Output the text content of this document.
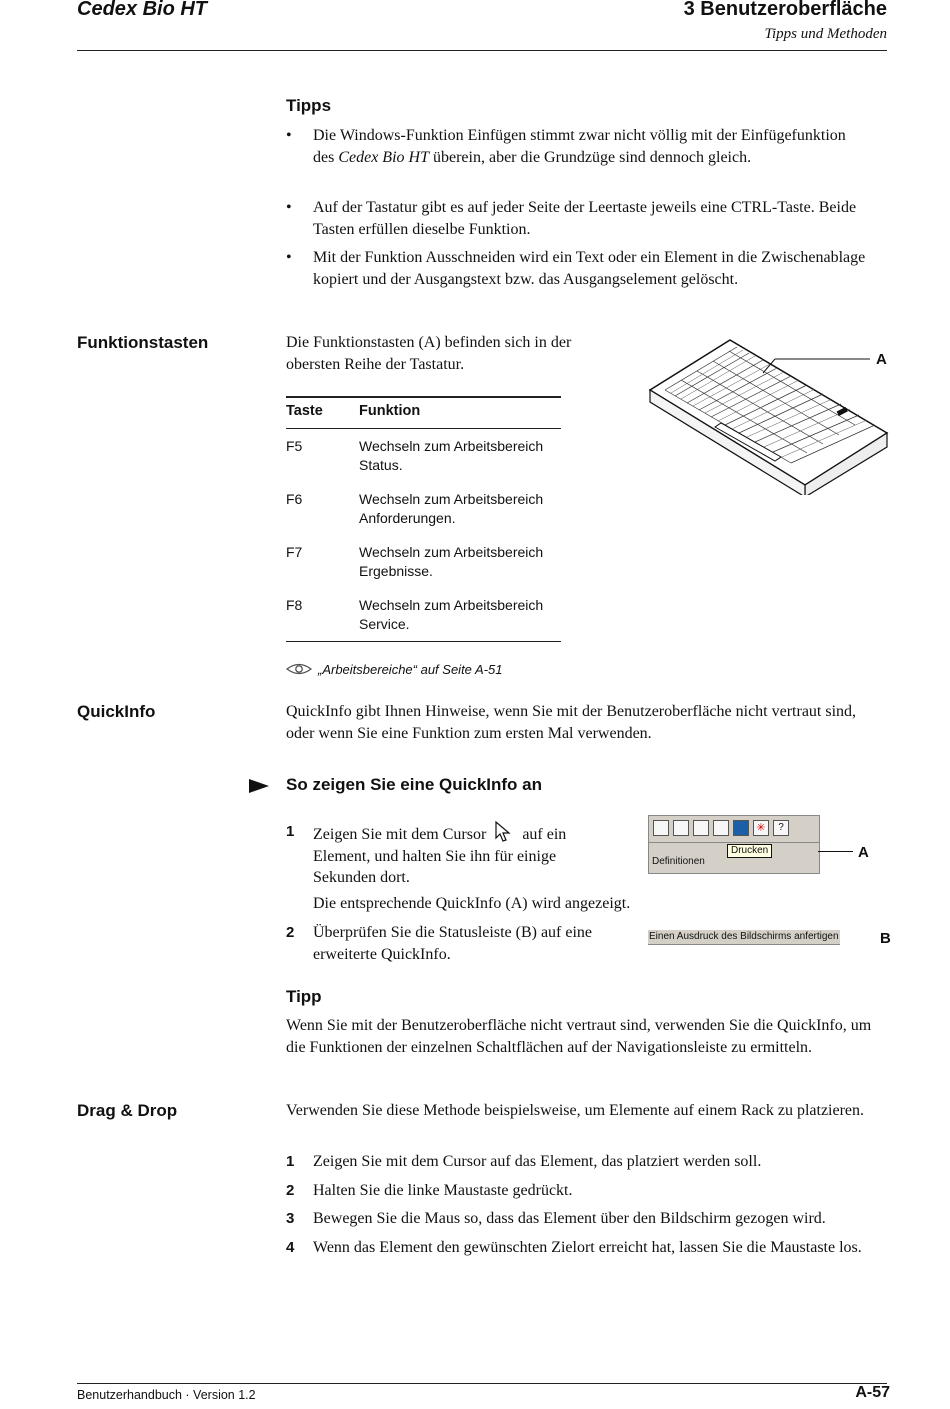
Cedex Bio HT	3 Benutzeroberfläche
Tipps und Methoden
Tipps
• Die Windows-Funktion Einfügen stimmt zwar nicht völlig mit der Einfügefunktion des Cedex Bio HT überein, aber die Grundzüge sind dennoch gleich.
• Auf der Tastatur gibt es auf jeder Seite der Leertaste jeweils eine CTRL-Taste. Beide Tasten erfüllen dieselbe Funktion.
• Mit der Funktion Ausschneiden wird ein Text oder ein Element in die Zwischenablage kopiert und der Ausgangstext bzw. das Ausgangselement gelöscht.
Funktionstasten	Die Funktionstasten (A) befinden sich in der obersten Reihe der Tastatur.	A
Taste Funktion
F5	Wechseln zum Arbeitsbereich Status.
F6	Wechseln zum Arbeitsbereich Anforderungen.
F7	Wechseln zum Arbeitsbereich Ergebnisse.
F8	Wechseln zum Arbeitsbereich Service.
„Arbeitsbereiche“ auf Seite A-51
QuickInfo	QuickInfo gibt Ihnen Hinweise, wenn Sie mit der Benutzeroberfläche nicht vertraut sind, oder wenn Sie eine Funktion zum ersten Mal verwenden.
So zeigen Sie eine QuickInfo an
1 Zeigen Sie mit dem Cursor auf ein Element, und halten Sie ihn für einige Sekunden dort.
Die entsprechende QuickInfo (A) wird angezeigt.
2 Überprüfen Sie die Statusleiste (B) auf eine erweiterte QuickInfo.
✳	?
Definitionen
Drucken	A
Einen Ausdruck des Bildschirms anfertigen	B
Tipp
Wenn Sie mit der Benutzeroberfläche nicht vertraut sind, verwenden Sie die QuickInfo, um die Funktionen der einzelnen Schaltflächen auf der Navigationsleiste zu ermitteln.
Drag & Drop	Verwenden Sie diese Methode beispielsweise, um Elemente auf einem Rack zu platzieren.
1 Zeigen Sie mit dem Cursor auf das Element, das platziert werden soll.
2 Halten Sie die linke Maustaste gedrückt.
3 Bewegen Sie die Maus so, dass das Element über den Bildschirm gezogen wird.
4 Wenn das Element den gewünschten Zielort erreicht hat, lassen Sie die Maustaste los.
Benutzerhandbuch · Version 1.2	A-57
